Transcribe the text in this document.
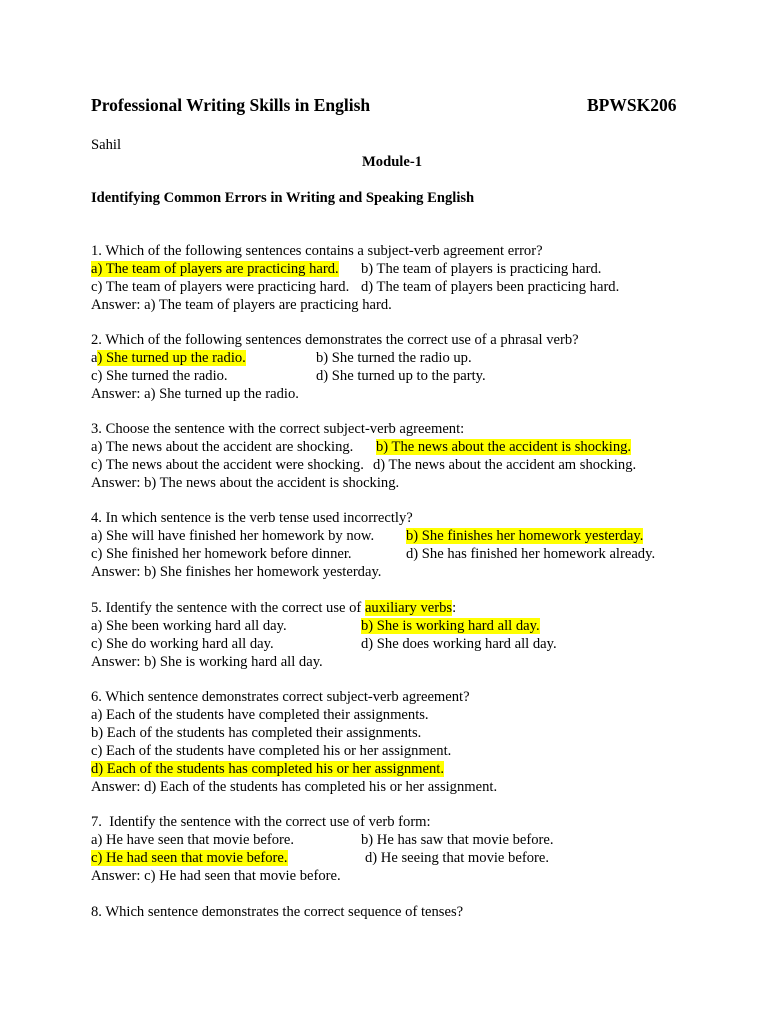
Professional Writing Skills in English	BPWSK206
Sahil
Module-1
Identifying Common Errors in Writing and Speaking English
1. Which of the following sentences contains a subject-verb agreement error?
a) The team of players are practicing hard. b) The team of players is practicing hard.
c) The team of players were practicing hard. d) The team of players been practicing hard.
Answer: a) The team of players are practicing hard.
2. Which of the following sentences demonstrates the correct use of a phrasal verb?
a) She turned up the radio.	b) She turned the radio up.
c) She turned the radio.	d) She turned up to the party.
Answer: a) She turned up the radio.
3. Choose the sentence with the correct subject-verb agreement:
a) The news about the accident are shocking. b) The news about the accident is shocking.
c) The news about the accident were shocking. d) The news about the accident am shocking.
Answer: b) The news about the accident is shocking.
4. In which sentence is the verb tense used incorrectly?
a) She will have finished her homework by now. b) She finishes her homework yesterday.
c) She finished her homework before dinner.	d) She has finished her homework already.
Answer: b) She finishes her homework yesterday.
5. Identify the sentence with the correct use of auxiliary verbs:
a) She been working hard all day.	b) She is working hard all day.
c) She do working hard all day.	d) She does working hard all day.
Answer: b) She is working hard all day.
6. Which sentence demonstrates correct subject-verb agreement?
a) Each of the students have completed their assignments.
b) Each of the students has completed their assignments.
c) Each of the students have completed his or her assignment.
d) Each of the students has completed his or her assignment.
Answer: d) Each of the students has completed his or her assignment.
7.  Identify the sentence with the correct use of verb form:
a) He have seen that movie before.	b) He has saw that movie before.
c) He had seen that movie before.	d) He seeing that movie before.
Answer: c) He had seen that movie before.
8. Which sentence demonstrates the correct sequence of tenses?
